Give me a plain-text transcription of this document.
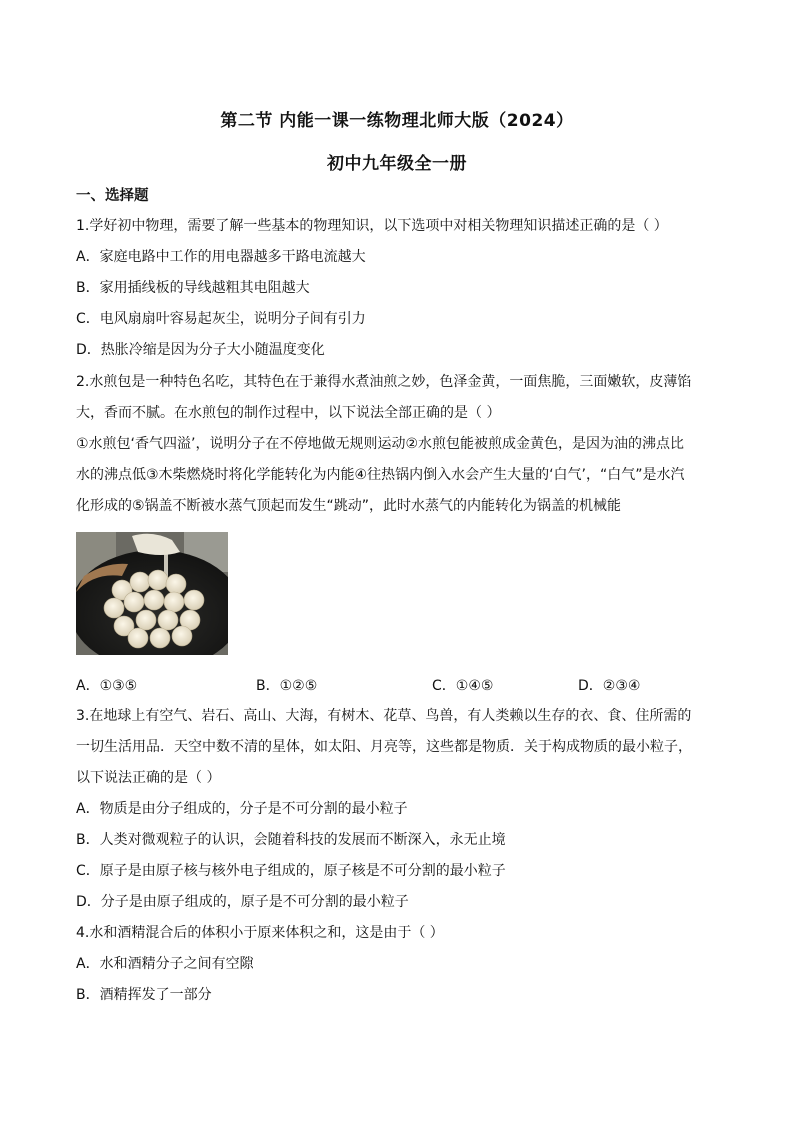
第二节 内能一课一练物理北师大版（2024）
初中九年级全一册
一、选择题
1.学好初中物理，需要了解一些基本的物理知识，以下选项中对相关物理知识描述正确的是（ ）
A．家庭电路中工作的用电器越多干路电流越大
B．家用插线板的导线越粗其电阻越大
C．电风扇扇叶容易起灰尘，说明分子间有引力
D．热胀冷缩是因为分子大小随温度变化
2.水煎包是一种特色名吃，其特色在于兼得水煮油煎之妙，色泽金黄，一面焦脆，三面嫩软，皮薄馅
大，香而不腻。在水煎包的制作过程中，以下说法全部正确的是（ ）
①水煎包‘香气四溢’，说明分子在不停地做无规则运动②水煎包能被煎成金黄色，是因为油的沸点比
水的沸点低③木柴燃烧时将化学能转化为内能④往热锅内倒入水会产生大量的‘白气’，“白气”是水汽
化形成的⑤锅盖不断被水蒸气顶起而发生“跳动”，此时水蒸气的内能转化为锅盖的机械能
A．①③⑤	B．①②⑤	C．①④⑤	D．②③④
3.在地球上有空气、岩石、高山、大海，有树木、花草、鸟兽，有人类赖以生存的衣、食、住所需的
一切生活用品．天空中数不清的星体，如太阳、月亮等，这些都是物质．关于构成物质的最小粒子，
以下说法正确的是（ ）
A．物质是由分子组成的，分子是不可分割的最小粒子
B．人类对微观粒子的认识，会随着科技的发展而不断深入，永无止境
C．原子是由原子核与核外电子组成的，原子核是不可分割的最小粒子
D．分子是由原子组成的，原子是不可分割的最小粒子
4.水和酒精混合后的体积小于原来体积之和，这是由于（ ）
A．水和酒精分子之间有空隙
B．酒精挥发了一部分
